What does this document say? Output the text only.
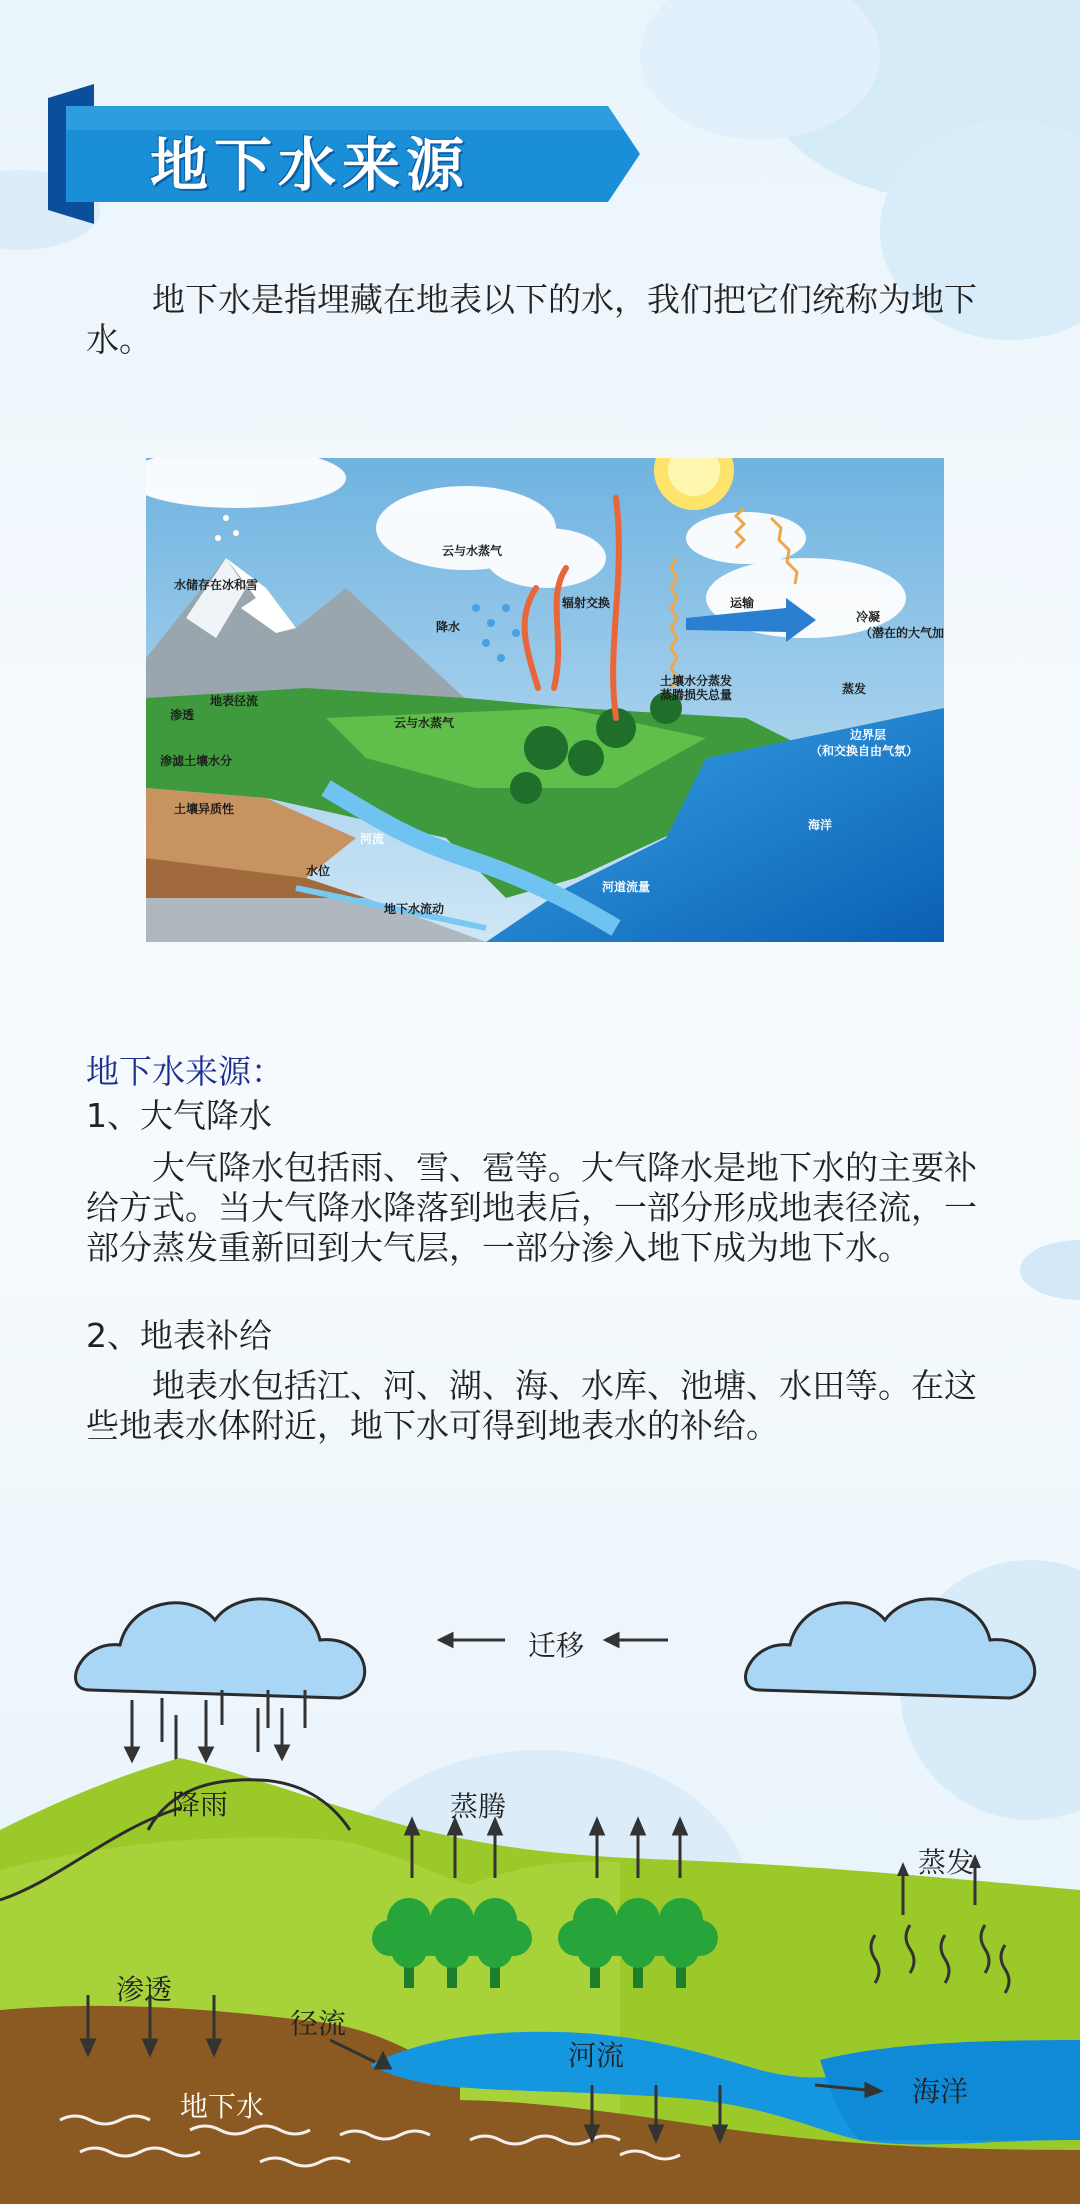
地下水来源
地下水是指埋藏在地表以下的水，我们把它们统称为地下水。
水储存在冰和雪
云与水蒸气
降水
辐射交换	运输
冷凝
（潜在的大气加
地表径流
渗透
土壤水分蒸发
蒸腾损失总量	蒸发
云与水蒸气
渗滤土壤水分
边界层
（和交换自由气氛）
土壤异质性
河流
海洋
水位
河道流量
地下水流动
地下水来源：
1、大气降水
大气降水包括雨、雪、雹等。大气降水是地下水的主要补给方式。当大气降水降落到地表后，一部分形成地表径流，一部分蒸发重新回到大气层，一部分渗入地下成为地下水。
2、地表补给
地表水包括江、河、湖、海、水库、池塘、水田等。在这些地表水体附近，地下水可得到地表水的补给。
迁移
降雨	蒸腾
蒸发
渗透
径流
河流
海洋
地下水
